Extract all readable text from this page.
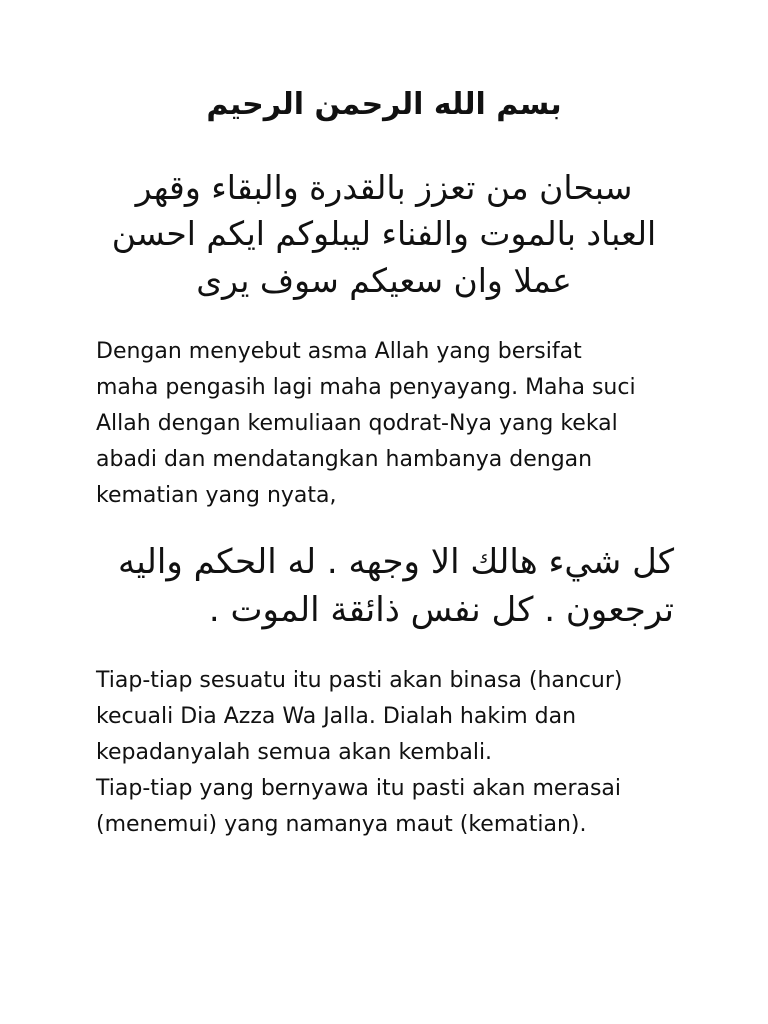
بسم الله الرحمن الرحيم

سبحان من تعزز بالقدرة والبقاء وقهر

العباد بالموت والفناء ليبلوكم ايكم احسن

عملا وان سعيكم سوف يرى

Dengan menyebut asma Allah yang bersifat
maha pengasih lagi maha penyayang. Maha suci
Allah dengan kemuliaan qodrat-Nya yang kekal
abadi dan mendatangkan hambanya dengan
kematian yang nyata,

كل شيء هالك الا وجهه . له الحكم واليه

ترجعون . كل نفس ذائقة الموت .

Tiap-tiap sesuatu itu pasti akan binasa (hancur)
kecuali Dia Azza Wa Jalla. Dialah hakim dan
kepadanyalah semua akan kembali.
Tiap-tiap yang bernyawa itu pasti akan merasai
(menemui) yang namanya maut (kematian).
